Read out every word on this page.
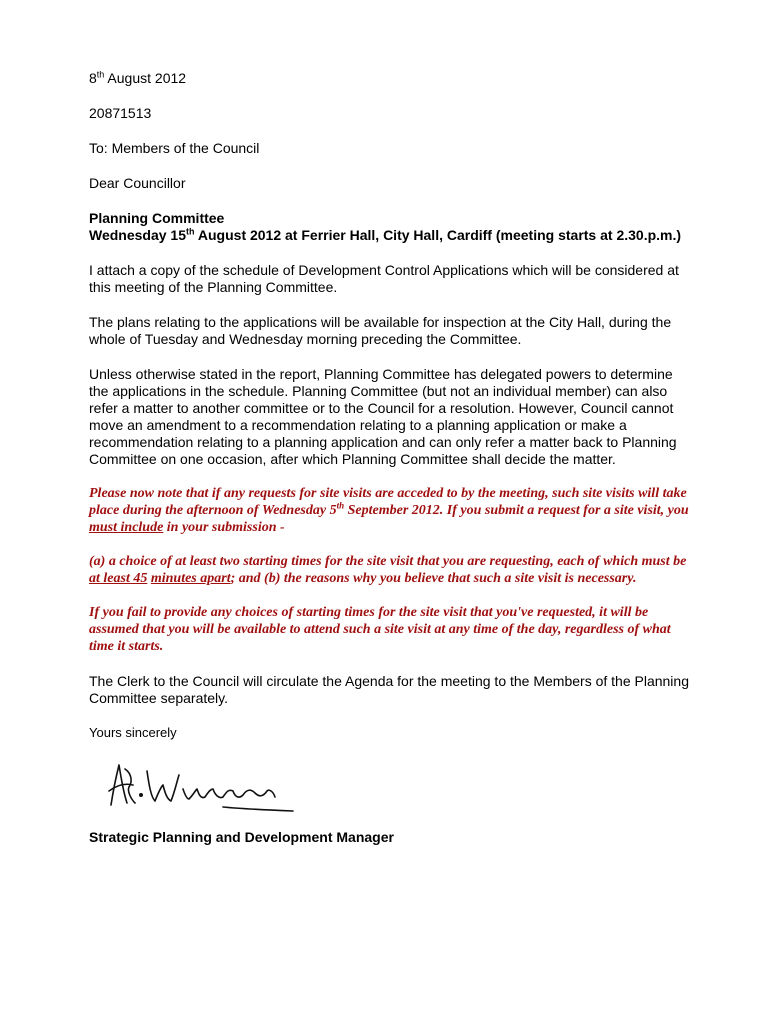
8th August 2012

20871513

To: Members of the Council

Dear Councillor

Planning Committee
Wednesday 15th August 2012 at Ferrier Hall, City Hall, Cardiff (meeting starts at 2.30.p.m.)

I attach a copy of the schedule of Development Control Applications which will be considered at this meeting of the Planning Committee.

The plans relating to the applications will be available for inspection at the City Hall, during the whole of Tuesday and Wednesday morning preceding the Committee.

Unless otherwise stated in the report, Planning Committee has delegated powers to determine the applications in the schedule. Planning Committee (but not an individual member) can also refer a matter to another committee or to the Council for a resolution. However, Council cannot move an amendment to a recommendation relating to a planning application or make a recommendation relating to a planning application and can only refer a matter back to Planning Committee on one occasion, after which Planning Committee shall decide the matter.

Please now note that if any requests for site visits are acceded to by the meeting, such site visits will take place during the afternoon of Wednesday 5th September 2012. If you submit a request for a site visit, you must include in your submission -

(a) a choice of at least two starting times for the site visit that you are requesting, each of which must be at least 45 minutes apart; and (b) the reasons why you believe that such a site visit is necessary.

If you fail to provide any choices of starting times for the site visit that you've requested, it will be assumed that you will be available to attend such a site visit at any time of the day, regardless of what time it starts.

The Clerk to the Council will circulate the Agenda for the meeting to the Members of the Planning Committee separately.

Yours sincerely

Strategic Planning and Development Manager
